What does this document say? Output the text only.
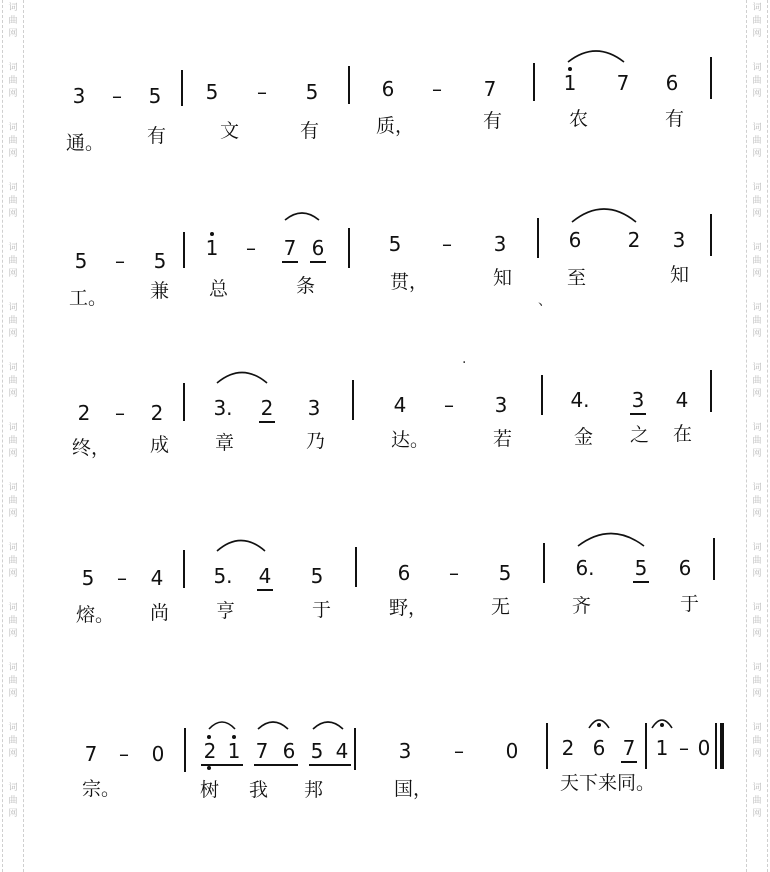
词
曲
网
词
曲
网
词
曲
网
词
曲
网
词
曲
网
词
曲
网
词
曲
网
词
曲
网
词
曲
网
词
曲
网
词
曲
网
词
曲
网
词
曲
网
词
曲
网
词
曲
网
词
曲
网
词
曲
网
词
曲
网
词
曲
网
词
曲
网
词
曲
网
词
曲
网
词
曲
网
词
曲
网
词
曲
网
词
曲
网
词
曲
网
词
曲
网
3 – 5 5 – 5	6 – 7	1 7 6
通。 有	文	有	质，	有	农	有
5 – 5
1 – 7 6	5 – 3	6 2 3
工。 兼 总	条	贯，	知	至	知
2 – 2	3. 2 3	4 – 3	4. 3 4
终， 成 章	乃	达。	若	金 之 在
5 – 4	5. 4 5	6 – 5	6. 5 6
熔。 尚 亨	于	野，	无	齐	于
7 – 0 2 1 7 6 5 4	3 – 0 2 6 7 1 – 0
宗。	树 我 邦	国，	天下来同。
·
、
